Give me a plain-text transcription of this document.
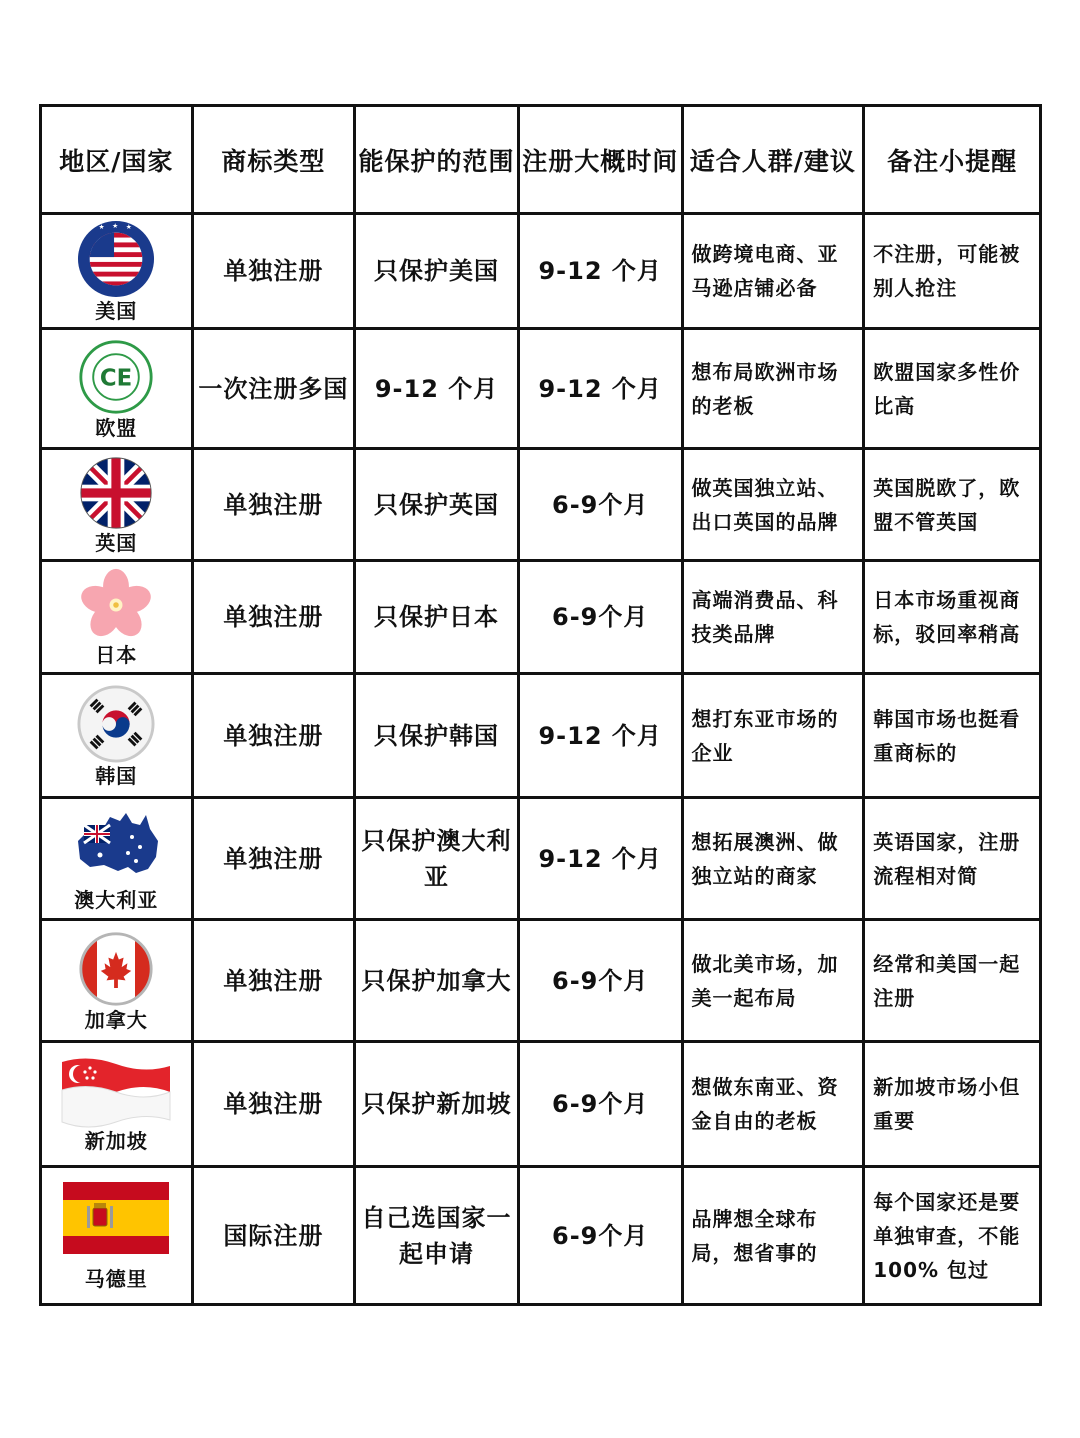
地区/国家	商标类型	能保护的范围	注册大概时间	适合人群/建议	备注小提醒

★ ★ ★
美国	单独注册	只保护美国	9-12 个月	做跨境电商、亚马逊店铺必备	不注册，可能被别人抢注

CE
欧盟	一次注册多国	9-12 个月	9-12 个月	想布局欧洲市场的老板	欧盟国家多性价比高

英国	单独注册	只保护英国	6-9个月	做英国独立站、出口英国的品牌	英国脱欧了，欧盟不管英国

日本	单独注册	只保护日本	6-9个月	高端消费品、科技类品牌	日本市场重视商标，驳回率稍高

韩国	单独注册	只保护韩国	9-12 个月	想打东亚市场的企业	韩国市场也挺看重商标的

澳大利亚	单独注册	只保护澳大利亚	9-12 个月	想拓展澳洲、做独立站的商家	英语国家，注册流程相对简

加拿大	单独注册	只保护加拿大	6-9个月	做北美市场，加美一起布局	经常和美国一起注册

新加坡	单独注册	只保护新加坡	6-9个月	想做东南亚、资金自由的老板	新加坡市场小但重要

马德里	国际注册	自己选国家一起申请	6-9个月	品牌想全球布局，想省事的	每个国家还是要单独审查，不能100% 包过
